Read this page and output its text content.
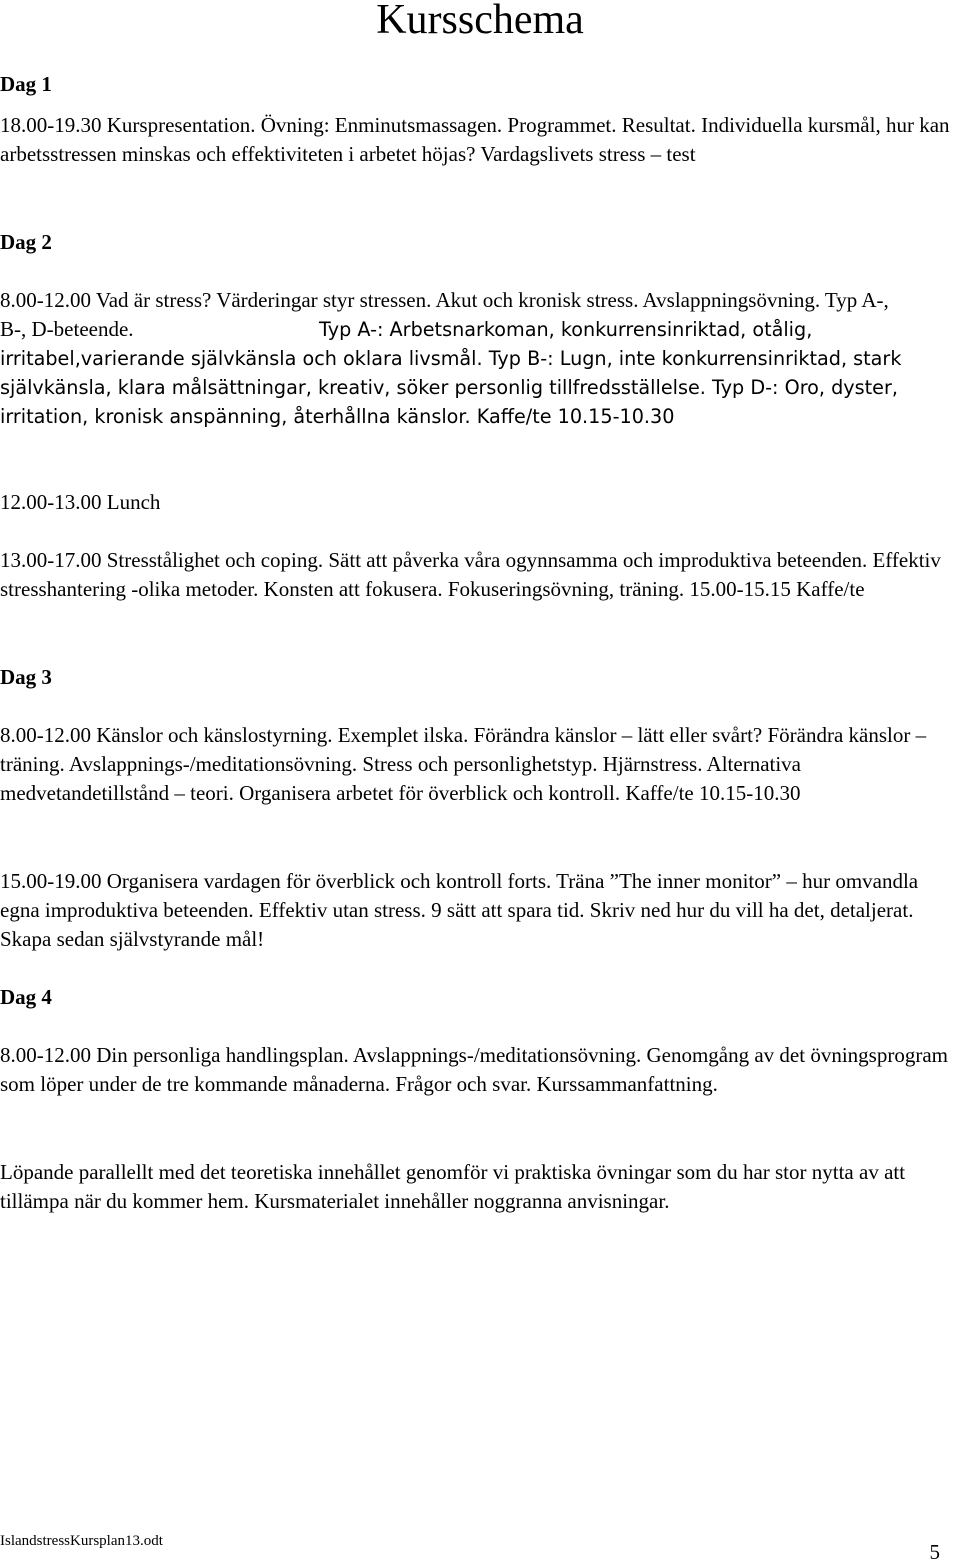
Kursschema
Dag 1

18.00-19.30 Kurspresentation. Övning: Enminutsmassagen. Programmet. Resultat. Individuella kursmål, hur kan arbetsstressen minskas och effektiviteten i arbetet höjas? Vardagslivets stress – test

Dag 2

8.00-12.00 Vad är stress? Värderingar styr stressen. Akut och kronisk stress. Avslappningsövning. Typ A-, B-, D-beteende.	Typ A-: Arbetsnarkoman, konkurrensinriktad, otålig, irritabel,varierande självkänsla och oklara livsmål. Typ B-: Lugn, inte konkurrensinriktad, stark självkänsla, klara målsättningar, kreativ, söker personlig tillfredsställelse. Typ D-: Oro, dyster, irritation, kronisk anspänning, återhållna känslor. Kaffe/te 10.15-10.30

12.00-13.00 Lunch

13.00-17.00 Stresstålighet och coping. Sätt att påverka våra ogynnsamma och improduktiva beteenden. Effektiv stresshantering -olika metoder. Konsten att fokusera. Fokuseringsövning, träning. 15.00-15.15 Kaffe/te

Dag 3

8.00-12.00 Känslor och känslostyrning. Exemplet ilska. Förändra känslor – lätt eller svårt? Förändra känslor –träning. Avslappnings-/meditationsövning. Stress och personlighetstyp. Hjärnstress. Alternativa medvetandetillstånd – teori. Organisera arbetet för överblick och kontroll. Kaffe/te 10.15-10.30

15.00-19.00 Organisera vardagen för överblick och kontroll forts. Träna ”The inner monitor” – hur omvandla egna improduktiva beteenden. Effektiv utan stress. 9 sätt att spara tid. Skriv ned hur du vill ha det, detaljerat. Skapa sedan självstyrande mål!

Dag 4

8.00-12.00 Din personliga handlingsplan. Avslappnings-/meditationsövning. Genomgång av det övningsprogram som löper under de tre kommande månaderna. Frågor och svar. Kurssammanfattning.

Löpande parallellt med det teoretiska innehållet genomför vi praktiska övningar som du har stor nytta av att tillämpa när du kommer hem. Kursmaterialet innehåller noggranna anvisningar.

IslandstressKursplan13.odt	5
